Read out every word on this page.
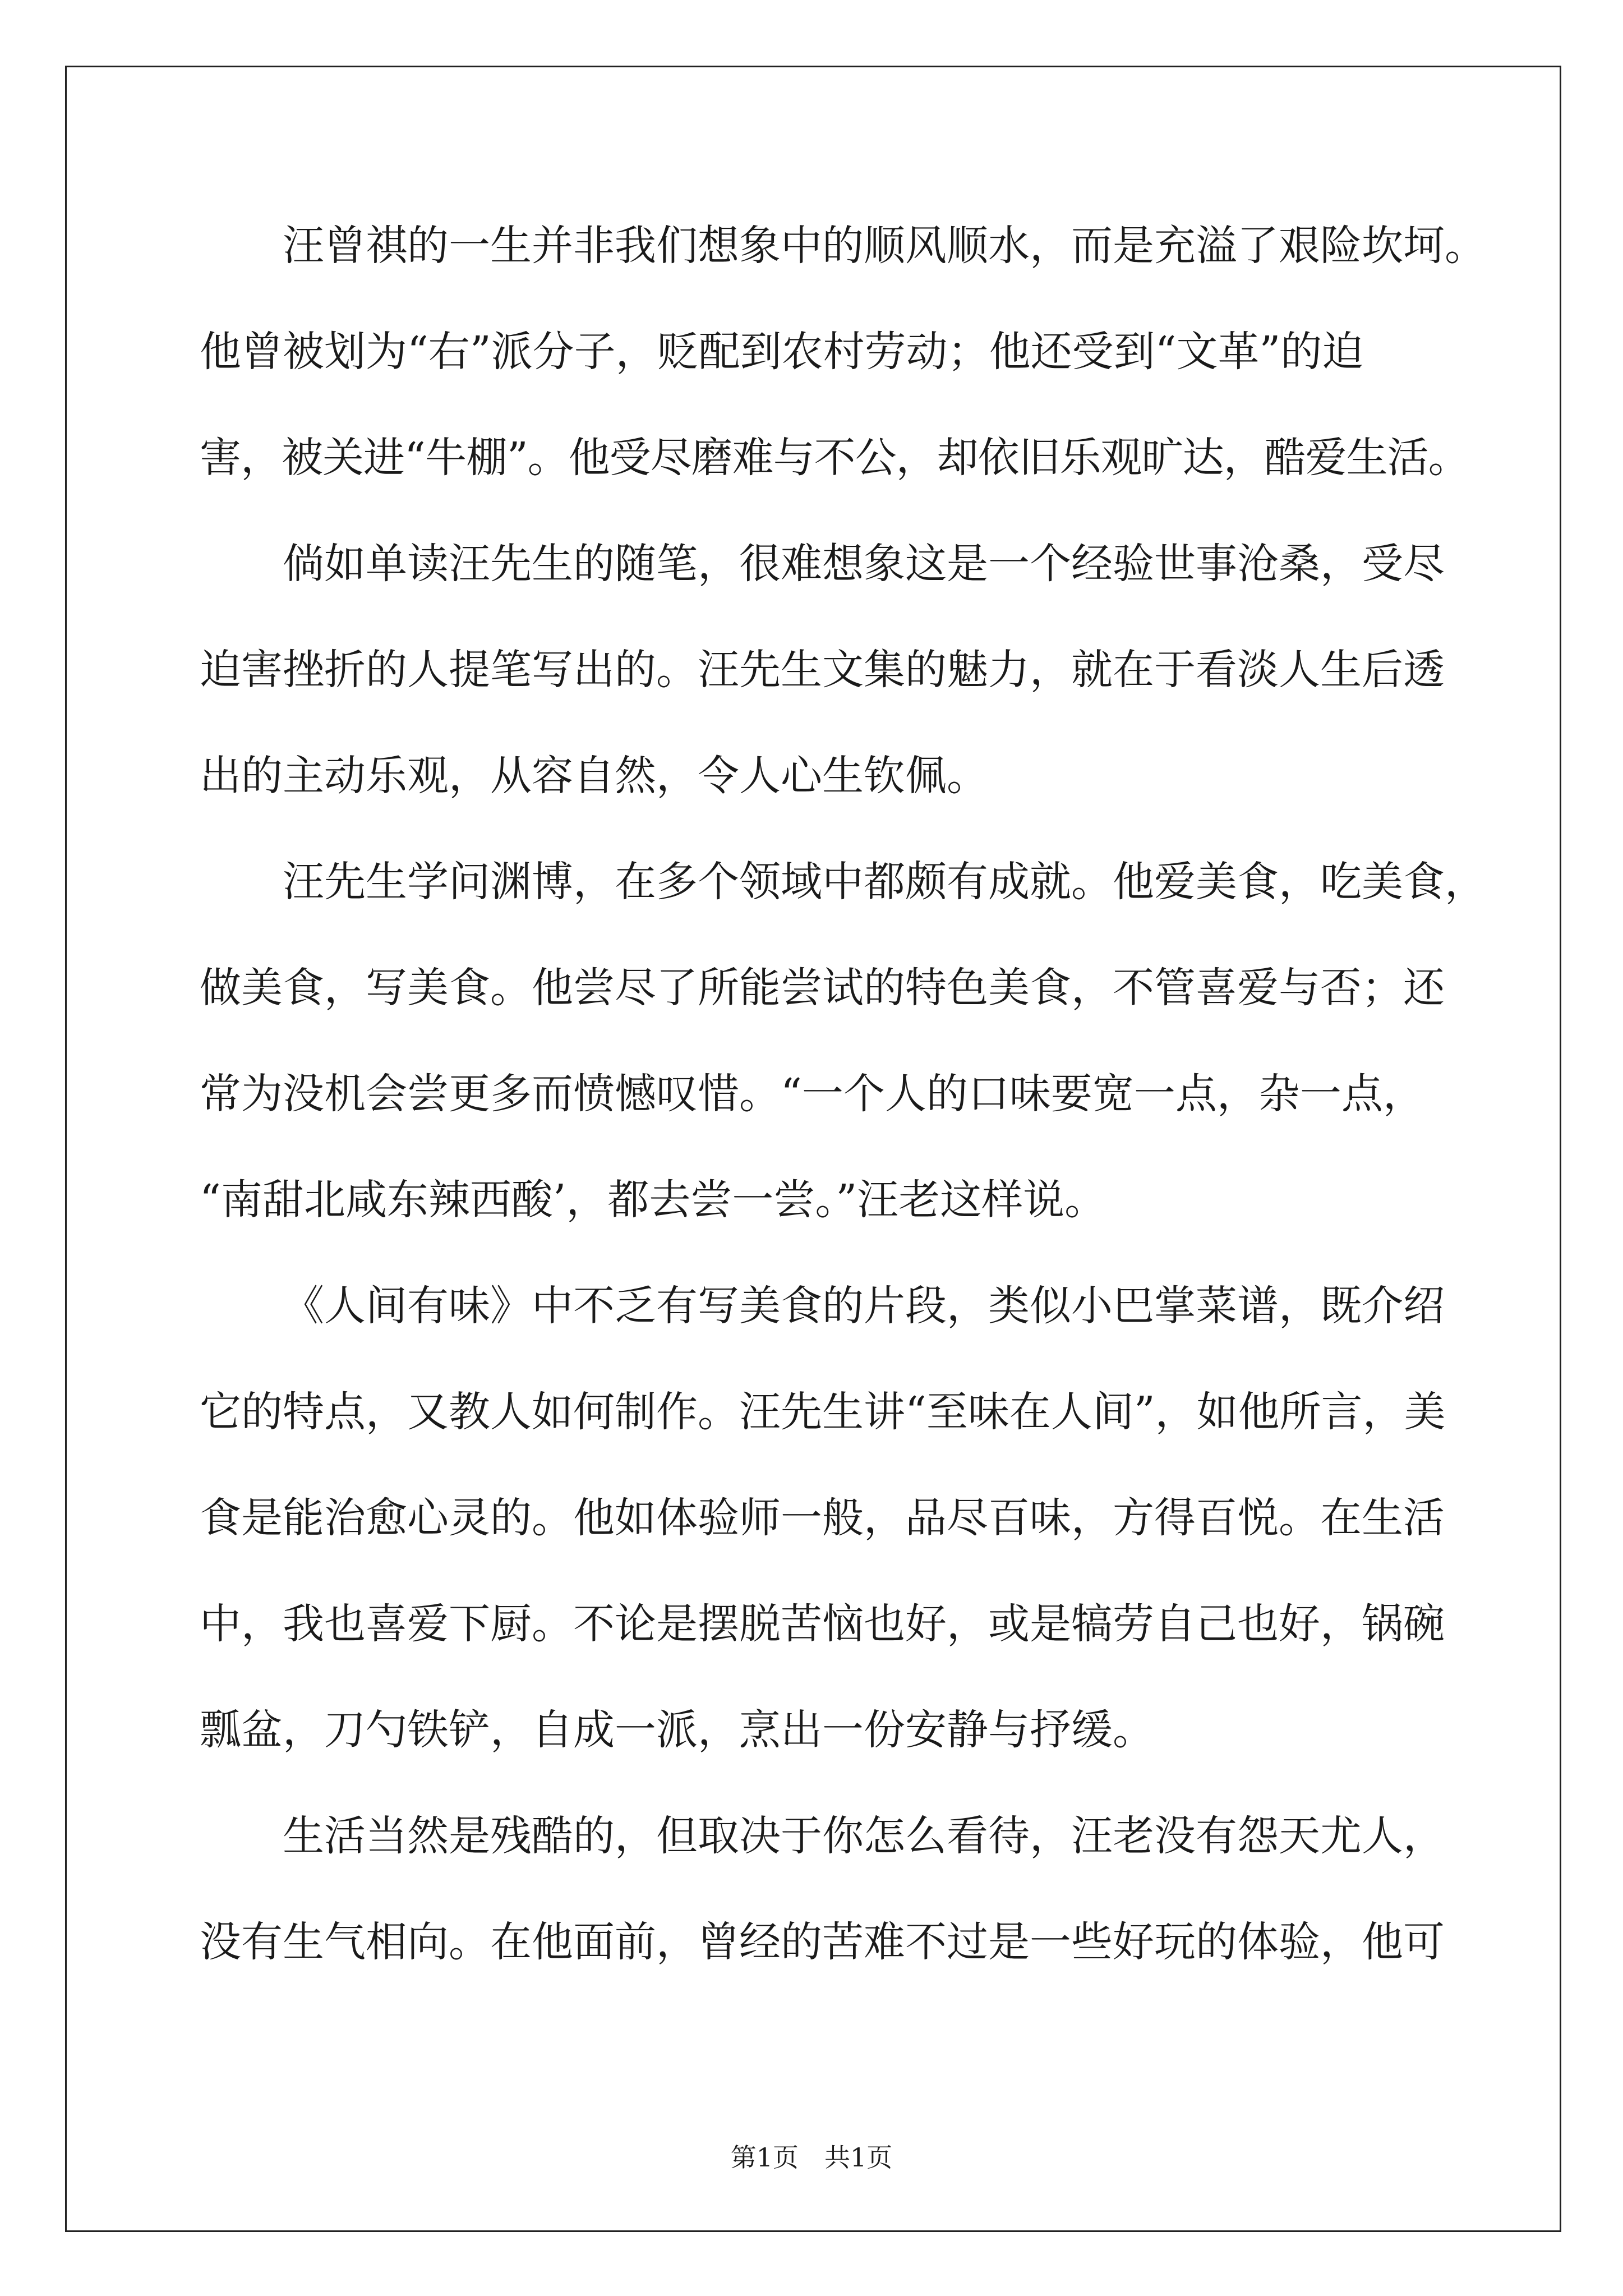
汪曾祺的一生并非我们想象中的顺风顺水，而是充溢了艰险坎坷。
他曾被划为“右”派分子，贬配到农村劳动；他还受到“文革”的迫
害，被关进“牛棚”。他受尽磨难与不公，却依旧乐观旷达，酷爱生活。
倘如单读汪先生的随笔，很难想象这是一个经验世事沧桑，受尽
迫害挫折的人提笔写出的。汪先生文集的魅力，就在于看淡人生后透
出的主动乐观，从容自然，令人心生钦佩。
汪先生学问渊博，在多个领域中都颇有成就。他爱美食，吃美食，
做美食，写美食。他尝尽了所能尝试的特色美食，不管喜爱与否；还
常为没机会尝更多而愤憾叹惜。“一个人的口味要宽一点，杂一点，
“南甜北咸东辣西酸’，都去尝一尝。”汪老这样说。
《人间有味》中不乏有写美食的片段，类似小巴掌菜谱，既介绍
它的特点，又教人如何制作。汪先生讲“至味在人间”，如他所言，美
食是能治愈心灵的。他如体验师一般，品尽百味，方得百悦。在生活
中，我也喜爱下厨。不论是摆脱苦恼也好，或是犒劳自己也好，锅碗
瓢盆，刀勺铁铲，自成一派，烹出一份安静与抒缓。
生活当然是残酷的，但取决于你怎么看待，汪老没有怨天尤人，
没有生气相向。在他面前，曾经的苦难不过是一些好玩的体验，他可
第1页　共1页
